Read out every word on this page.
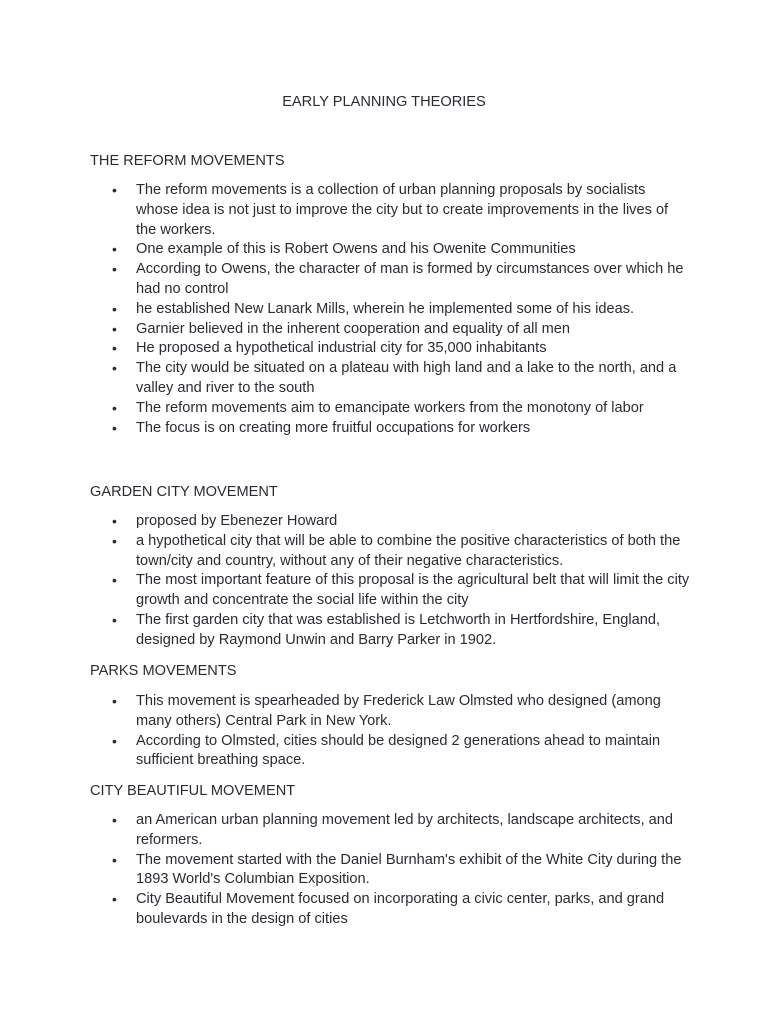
EARLY PLANNING THEORIES
THE REFORM MOVEMENTS
• The reform movements is a collection of urban planning proposals by socialists whose idea is not just to improve the city but to create improvements in the lives of the workers.
• One example of this is Robert Owens and his Owenite Communities
• According to Owens, the character of man is formed by circumstances over which he had no control
• he established New Lanark Mills, wherein he implemented some of his ideas.
• Garnier believed in the inherent cooperation and equality of all men
• He proposed a hypothetical industrial city for 35,000 inhabitants
• The city would be situated on a plateau with high land and a lake to the north, and a valley and river to the south
• The reform movements aim to emancipate workers from the monotony of labor
• The focus is on creating more fruitful occupations for workers
GARDEN CITY MOVEMENT
• proposed by Ebenezer Howard
• a hypothetical city that will be able to combine the positive characteristics of both the town/city and country, without any of their negative characteristics.
• The most important feature of this proposal is the agricultural belt that will limit the city growth and concentrate the social life within the city
• The first garden city that was established is Letchworth in Hertfordshire, England, designed by Raymond Unwin and Barry Parker in 1902.
PARKS MOVEMENTS
• This movement is spearheaded by Frederick Law Olmsted who designed (among many others) Central Park in New York.
• According to Olmsted, cities should be designed 2 generations ahead to maintain sufficient breathing space.
CITY BEAUTIFUL MOVEMENT
• an American urban planning movement led by architects, landscape architects, and reformers.
• The movement started with the Daniel Burnham's exhibit of the White City during the 1893 World's Columbian Exposition.
• City Beautiful Movement focused on incorporating a civic center, parks, and grand boulevards in the design of cities
